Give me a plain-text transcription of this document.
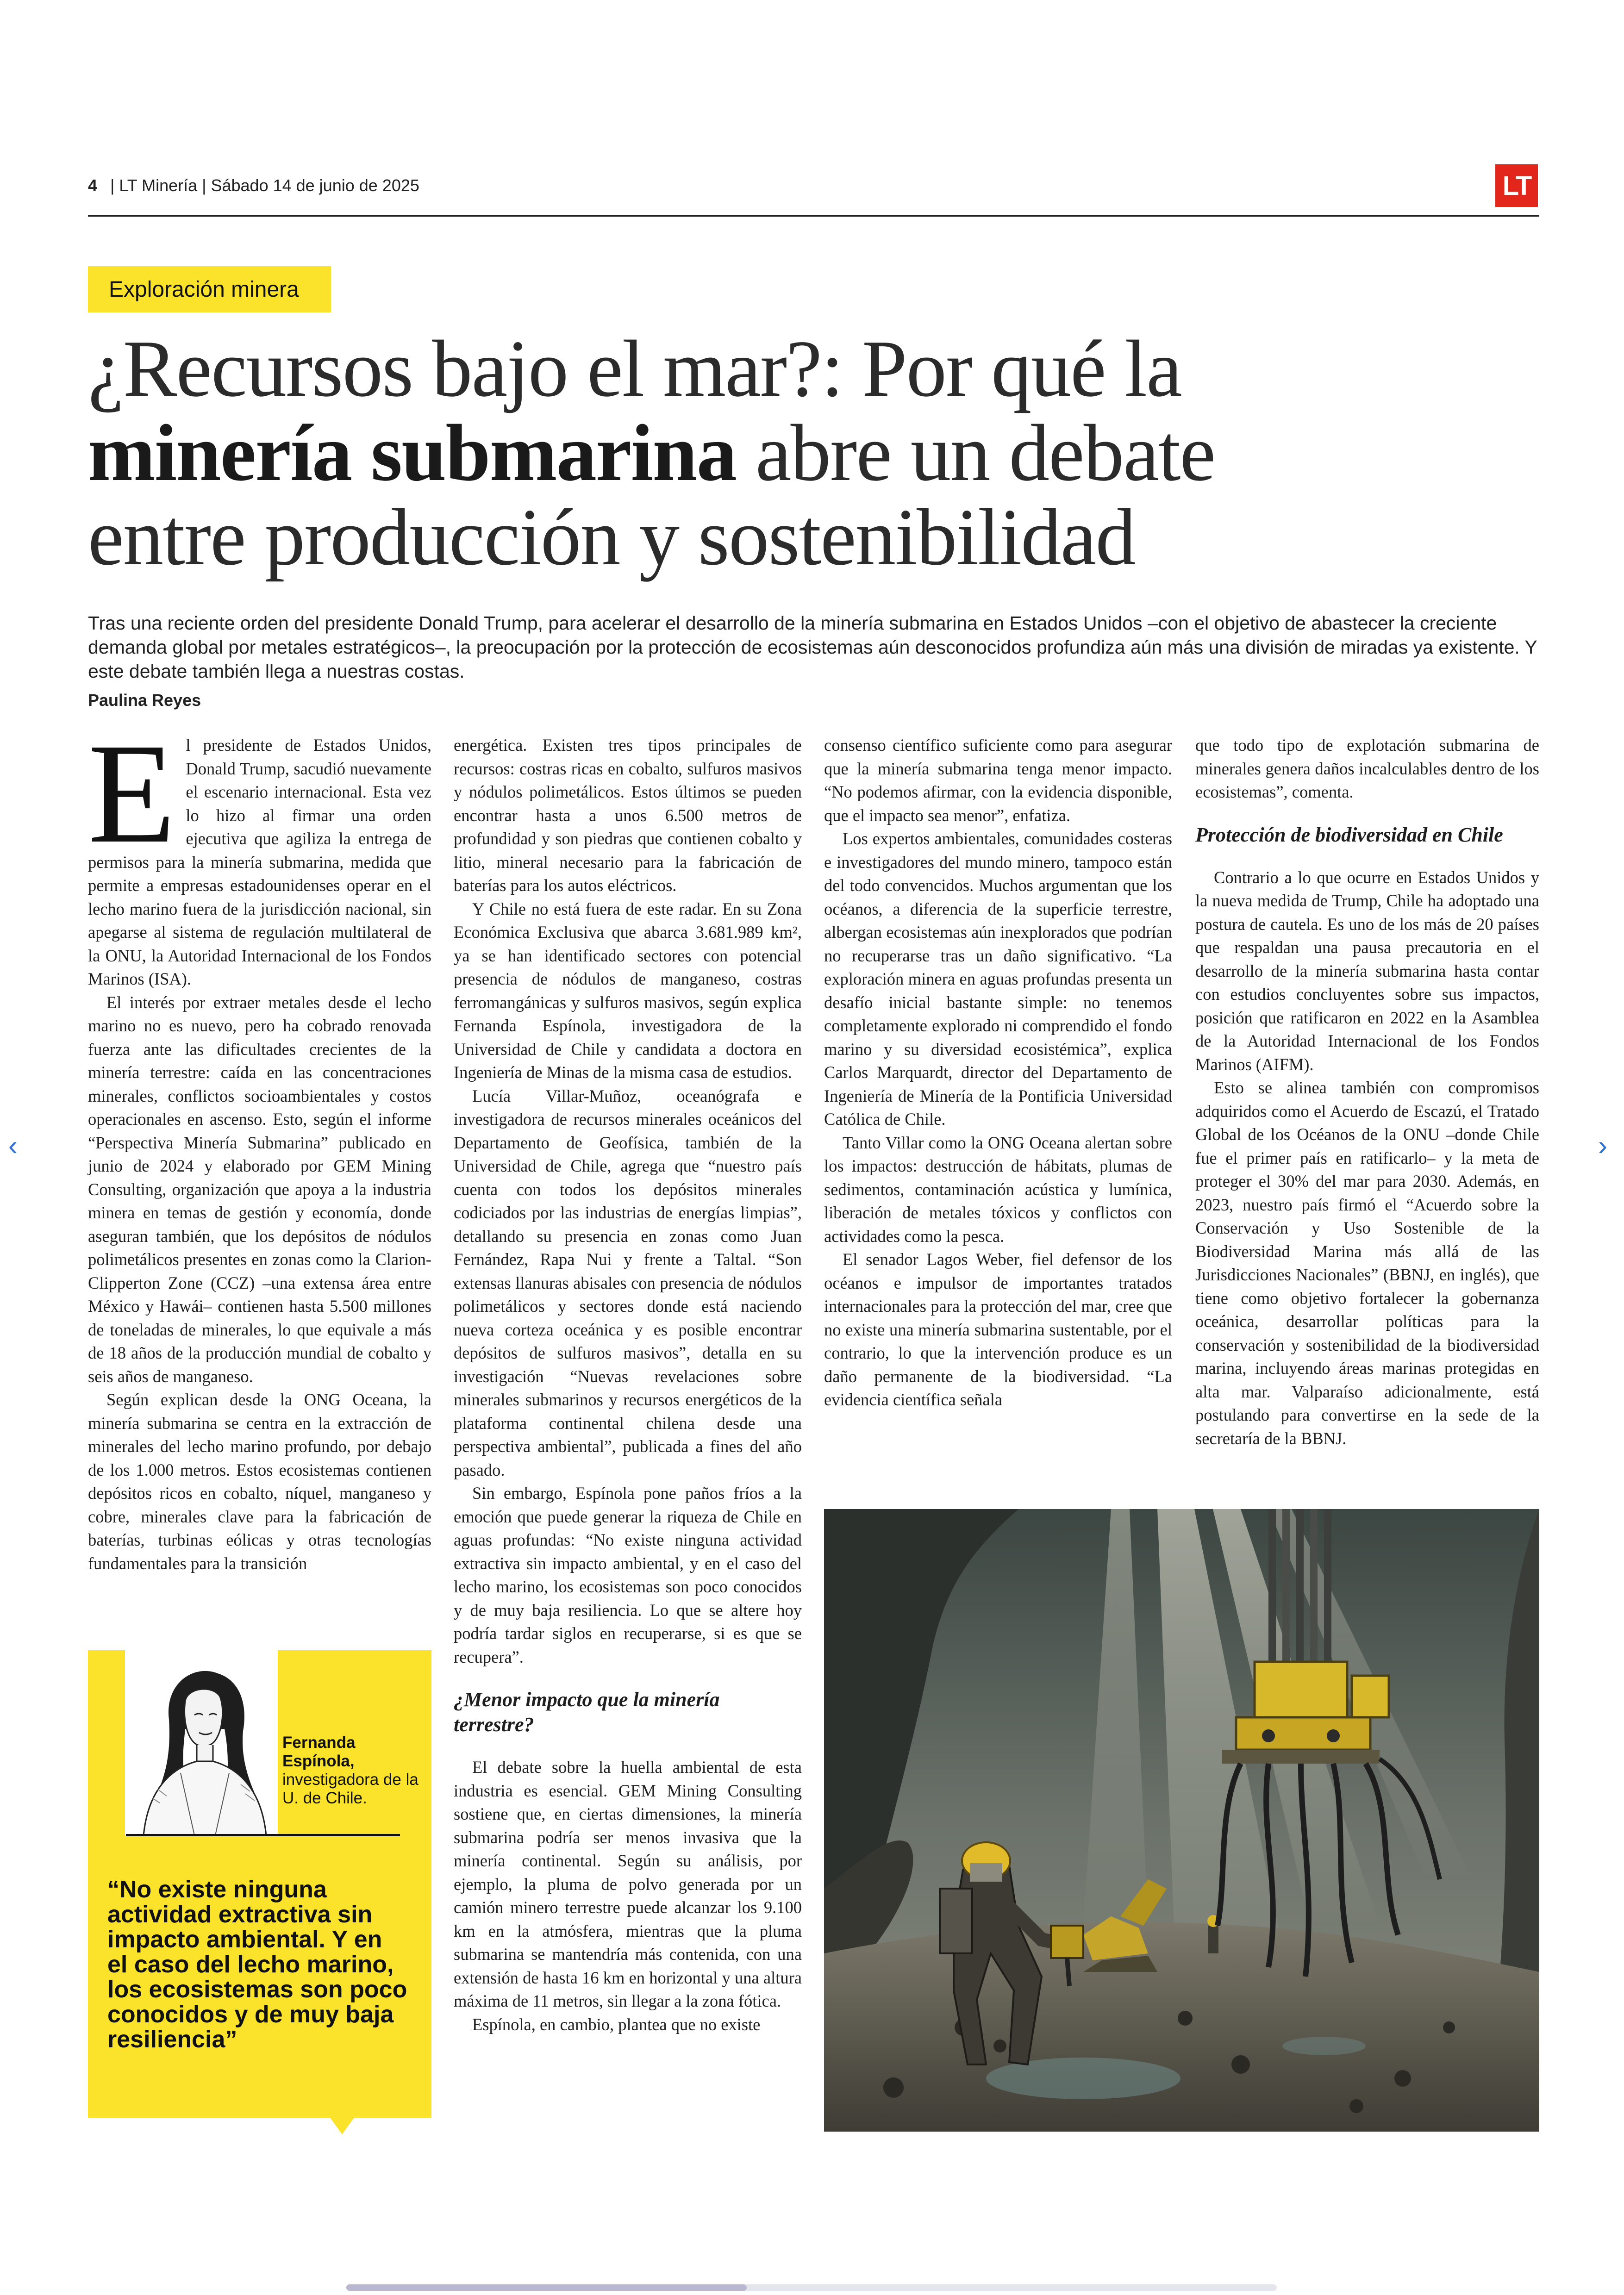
4 | LT Minería | Sábado 14 de junio de 2025	LT
Exploración minera
¿Recursos bajo el mar?: Por qué la
minería submarina abre un debate
entre producción y sostenibilidad
Tras una reciente orden del presidente Donald Trump, para acelerar el desarrollo de la minería submarina en Estados Unidos –con el objetivo de abastecer la creciente demanda global por metales estratégicos–, la preocupación por la protección de ecosistemas aún desconocidos profundiza aún más una división de miradas ya existente. Y este debate también llega a nuestras costas.
Paulina Reyes

El presidente de Estados Unidos, Donald Trump, sacudió nuevamente el escenario internacional. Esta vez lo hizo al firmar una orden ejecutiva que agiliza la entrega de permisos para la minería submarina, medida que permite a empresas estadounidenses operar en el lecho marino fuera de la jurisdicción nacional, sin apegarse al sistema de regulación multilateral de la ONU, la Autoridad Internacional de los Fondos Marinos (ISA).

El interés por extraer metales desde el lecho marino no es nuevo, pero ha cobrado renovada fuerza ante las dificultades crecientes de la minería terrestre: caída en las concentraciones minerales, conflictos socioambientales y costos operacionales en ascenso. Esto, según el informe “Perspectiva Minería Submarina” publicado en junio de 2024 y elaborado por GEM Mining Consulting, organización que apoya a la industria minera en temas de gestión y economía, donde aseguran también, que los depósitos de nódulos polimetálicos presentes en zonas como la Clarion-Clipperton Zone (CCZ) –una extensa área entre México y Hawái– contienen hasta 5.500 millones de toneladas de minerales, lo que equivale a más de 18 años de la producción mundial de cobalto y seis años de manganeso.

Según explican desde la ONG Oceana, la minería submarina se centra en la extracción de minerales del lecho marino profundo, por debajo de los 1.000 metros. Estos ecosistemas contienen depósitos ricos en cobalto, níquel, manganeso y cobre, minerales clave para la fabricación de baterías, turbinas eólicas y otras tecnologías fundamentales para la transición

Fernanda Espínola,
investigadora de la U. de Chile.
“No existe ninguna actividad extractiva sin impacto ambiental. Y en el caso del lecho marino, los ecosistemas son poco conocidos y de muy baja resiliencia”

energética. Existen tres tipos principales de recursos: costras ricas en cobalto, sulfuros masivos y nódulos polimetálicos. Estos últimos se pueden encontrar hasta a unos 6.500 metros de profundidad y son piedras que contienen cobalto y litio, mineral necesario para la fabricación de baterías para los autos eléctricos.

Y Chile no está fuera de este radar. En su Zona Económica Exclusiva que abarca 3.681.989 km², ya se han identificado sectores con potencial presencia de nódulos de manganeso, costras ferromangánicas y sulfuros masivos, según explica Fernanda Espínola, investigadora de la Universidad de Chile y candidata a doctora en Ingeniería de Minas de la misma casa de estudios.

Lucía Villar-Muñoz, oceanógrafa e investigadora de recursos minerales oceánicos del Departamento de Geofísica, también de la Universidad de Chile, agrega que “nuestro país cuenta con todos los depósitos minerales codiciados por las industrias de energías limpias”, detallando su presencia en zonas como Juan Fernández, Rapa Nui y frente a Taltal. “Son extensas llanuras abisales con presencia de nódulos polimetálicos y sectores donde está naciendo nueva corteza oceánica y es posible encontrar depósitos de sulfuros masivos”, detalla en su investigación “Nuevas revelaciones sobre minerales submarinos y recursos energéticos de la plataforma continental chilena desde una perspectiva ambiental”, publicada a fines del año pasado.

Sin embargo, Espínola pone paños fríos a la emoción que puede generar la riqueza de Chile en aguas profundas: “No existe ninguna actividad extractiva sin impacto ambiental, y en el caso del lecho marino, los ecosistemas son poco conocidos y de muy baja resiliencia. Lo que se altere hoy podría tardar siglos en recuperarse, si es que se recupera”.

¿Menor impacto que la minería terrestre?

El debate sobre la huella ambiental de esta industria es esencial. GEM Mining Consulting sostiene que, en ciertas dimensiones, la minería submarina podría ser menos invasiva que la minería continental. Según su análisis, por ejemplo, la pluma de polvo generada por un camión minero terrestre puede alcanzar los 9.100 km en la atmósfera, mientras que la pluma submarina se mantendría más contenida, con una extensión de hasta 16 km en horizontal y una altura máxima de 11 metros, sin llegar a la zona fótica.

Espínola, en cambio, plantea que no existe

consenso científico suficiente como para asegurar que la minería submarina tenga menor impacto. “No podemos afirmar, con la evidencia disponible, que el impacto sea menor”, enfatiza.

Los expertos ambientales, comunidades costeras e investigadores del mundo minero, tampoco están del todo convencidos. Muchos argumentan que los océanos, a diferencia de la superficie terrestre, albergan ecosistemas aún inexplorados que podrían no recuperarse tras un daño significativo. “La exploración minera en aguas profundas presenta un desafío inicial bastante simple: no tenemos completamente explorado ni comprendido el fondo marino y su diversidad ecosistémica”, explica Carlos Marquardt, director del Departamento de Ingeniería de Minería de la Pontificia Universidad Católica de Chile.

Tanto Villar como la ONG Oceana alertan sobre los impactos: destrucción de hábitats, plumas de sedimentos, contaminación acústica y lumínica, liberación de metales tóxicos y conflictos con actividades como la pesca.

El senador Lagos Weber, fiel defensor de los océanos e impulsor de importantes tratados internacionales para la protección del mar, cree que no existe una minería submarina sustentable, por el contrario, lo que la intervención produce es un daño permanente de la biodiversidad. “La evidencia científica señala

que todo tipo de explotación submarina de minerales genera daños incalculables dentro de los ecosistemas”, comenta.

Protección de biodiversidad en Chile

Contrario a lo que ocurre en Estados Unidos y la nueva medida de Trump, Chile ha adoptado una postura de cautela. Es uno de los más de 20 países que respaldan una pausa precautoria en el desarrollo de la minería submarina hasta contar con estudios concluyentes sobre sus impactos, posición que ratificaron en 2022 en la Asamblea de la Autoridad Internacional de los Fondos Marinos (AIFM).

Esto se alinea también con compromisos adquiridos como el Acuerdo de Escazú, el Tratado Global de los Océanos de la ONU –donde Chile fue el primer país en ratificarlo– y la meta de proteger el 30% del mar para 2030. Además, en 2023, nuestro país firmó el “Acuerdo sobre la Conservación y Uso Sostenible de la Biodiversidad Marina más allá de las Jurisdicciones Nacionales” (BBNJ, en inglés), que tiene como objetivo fortalecer la gobernanza oceánica, desarrollar políticas para la conservación y sostenibilidad de la biodiversidad marina, incluyendo áreas marinas protegidas en alta mar. Valparaíso adicionalmente, está postulando para convertirse en la sede de la secretaría de la BBNJ.

‹	›
